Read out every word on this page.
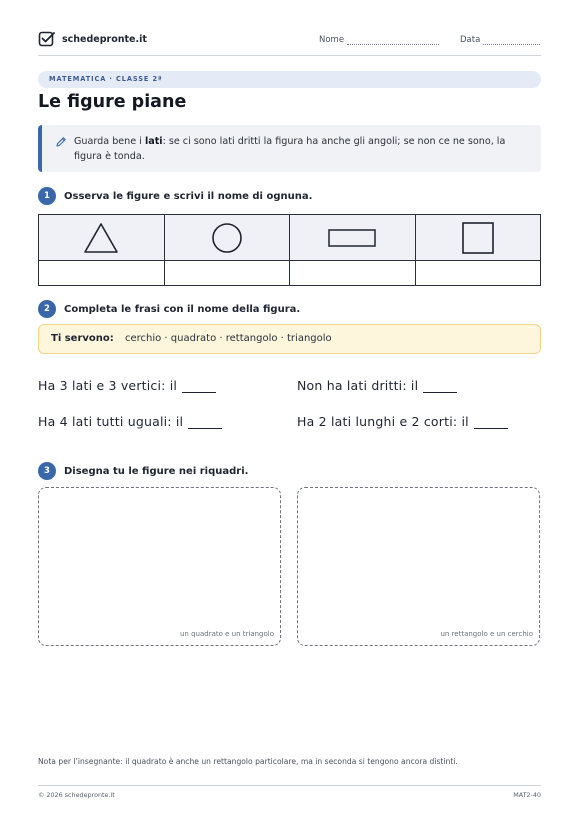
schedepronte.it	Nome	Data
MATEMATICA · CLASSE 2ª
Le figure piane
Guarda bene i lati: se ci sono lati dritti la figura ha anche gli angoli; se non ce ne sono, la figura è tonda.
1	Osserva le figure e scrivi il nome di ognuna.

2	Completa le frasi con il nome della figura.
Ti servono: cerchio · quadrato · rettangolo · triangolo
Ha 3 lati e 3 vertici: il	Non ha lati dritti: il
Ha 4 lati tutti uguali: il	Ha 2 lati lunghi e 2 corti: il
3	Disegna tu le figure nei riquadri.
un quadrato e un triangolo	un rettangolo e un cerchio
Nota per l’insegnante: il quadrato è anche un rettangolo particolare, ma in seconda si tengono ancora distinti.
© 2026 schedepronte.it	MAT2-40
